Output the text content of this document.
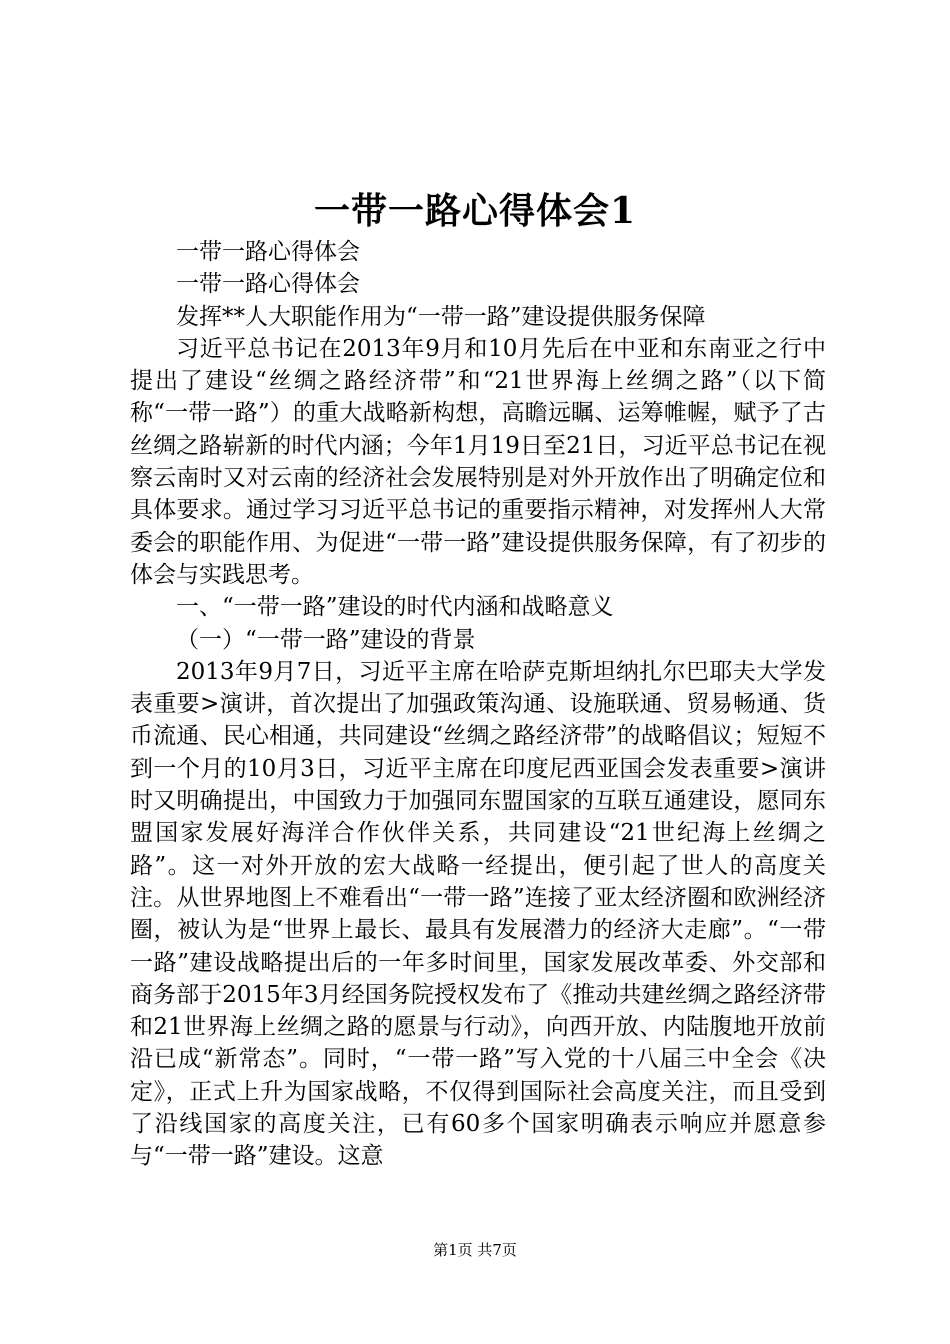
一带一路心得体会1

一带一路心得体会

一带一路心得体会

发挥**人大职能作用为“一带一路”建设提供服务保障

习近平总书记在2013年9月和10月先后在中亚和东南亚之行中提出了建设“丝绸之路经济带”和“21世界海上丝绸之路”（以下简称“一带一路”）的重大战略新构想，高瞻远瞩、运筹帷幄，赋予了古丝绸之路崭新的时代内涵；今年1月19日至21日，习近平总书记在视察云南时又对云南的经济社会发展特别是对外开放作出了明确定位和具体要求。通过学习习近平总书记的重要指示精神，对发挥州人大常委会的职能作用、为促进“一带一路”建设提供服务保障，有了初步的体会与实践思考。

一、“一带一路”建设的时代内涵和战略意义

（一）“一带一路”建设的背景

2013年9月7日，习近平主席在哈萨克斯坦纳扎尔巴耶夫大学发表重要>演讲，首次提出了加强政策沟通、设施联通、贸易畅通、货币流通、民心相通，共同建设“丝绸之路经济带”的战略倡议；短短不到一个月的10月3日，习近平主席在印度尼西亚国会发表重要>演讲时又明确提出，中国致力于加强同东盟国家的互联互通建设，愿同东盟国家发展好海洋合作伙伴关系，共同建设“21世纪海上丝绸之路”。这一对外开放的宏大战略一经提出，便引起了世人的高度关注。从世界地图上不难看出“一带一路”连接了亚太经济圈和欧洲经济圈，被认为是“世界上最长、最具有发展潜力的经济大走廊”。“一带一路”建设战略提出后的一年多时间里，国家发展改革委、外交部和商务部于2015年3月经国务院授权发布了《推动共建丝绸之路经济带和21世界海上丝绸之路的愿景与行动》，向西开放、内陆腹地开放前沿已成“新常态”。同时，“一带一路”写入党的十八届三中全会《决定》，正式上升为国家战略，不仅得到国际社会高度关注，而且受到了沿线国家的高度关注，已有60多个国家明确表示响应并愿意参与“一带一路”建设。这意

第1页 共7页
